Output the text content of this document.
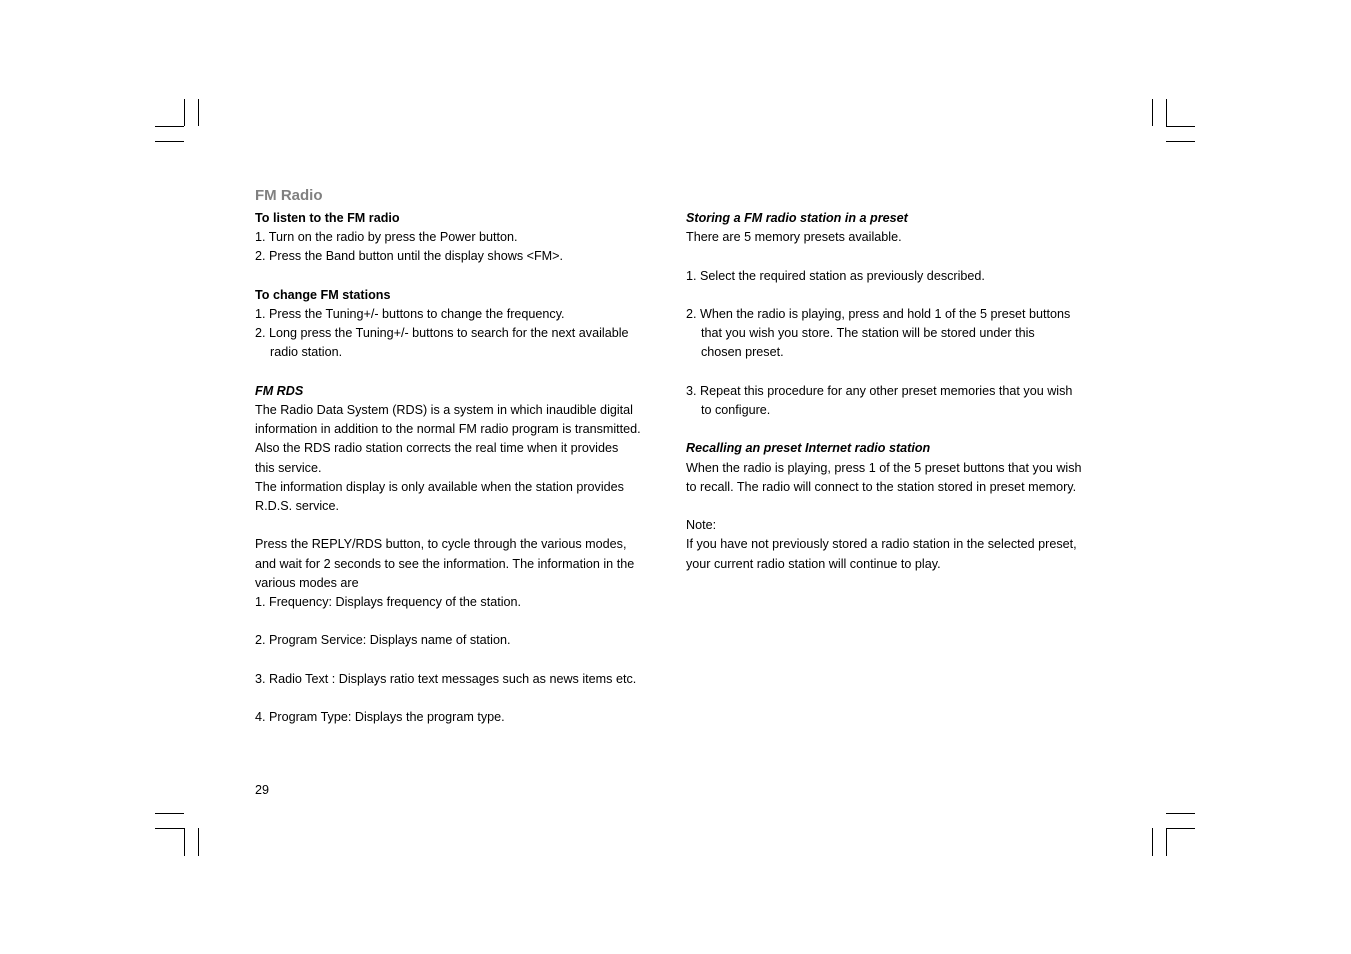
FM Radio
To listen to the FM radio
1. Turn on the radio by press the Power button.
2. Press the Band button until the display shows <FM>.
To change FM stations
1. Press the Tuning+/- buttons to change the frequency.
2. Long press the Tuning+/- buttons to search for the next available
radio station.
FM RDS
The Radio Data System (RDS) is a system in which inaudible digital
information in addition to the normal FM radio program is transmitted.
Also the RDS radio station corrects the real time when it provides
this service.
The information display is only available when the station provides
R.D.S. service.
Press the REPLY/RDS button, to cycle through the various modes,
and wait for 2 seconds to see the information. The information in the
various modes are
1. Frequency: Displays frequency of the station.
2. Program Service: Displays name of station.
3. Radio Text : Displays ratio text messages such as news items etc.
4. Program Type: Displays the program type.
Storing a FM radio station in a preset
There are 5 memory presets available.
1. Select the required station as previously described.
2. When the radio is playing, press and hold 1 of the 5 preset buttons
that you wish you store. The station will be stored under this
chosen preset.
3. Repeat this procedure for any other preset memories that you wish
to configure.
Recalling an preset Internet radio station
When the radio is playing, press 1 of the 5 preset buttons that you wish
to recall. The radio will connect to the station stored in preset memory.
Note:
If you have not previously stored a radio station in the selected preset,
your current radio station will continue to play.
29
